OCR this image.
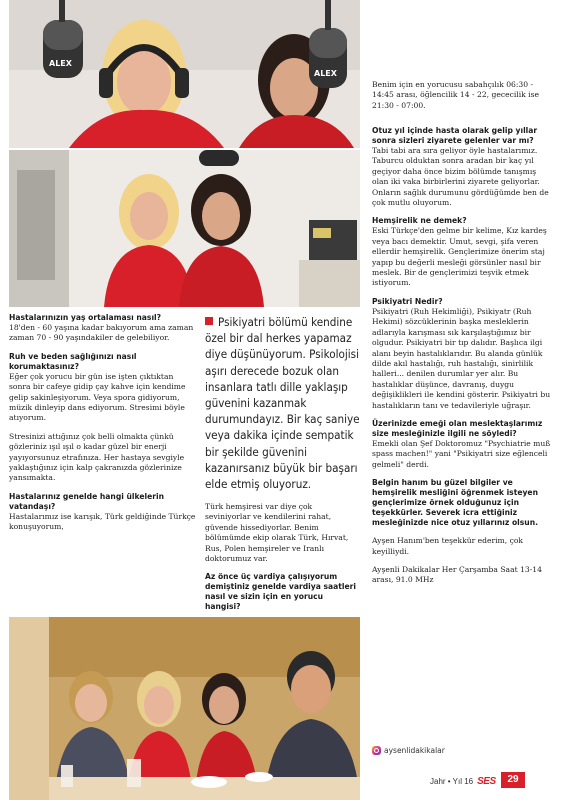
ALEX
ALEX
Benim için en yorucusu sabahçılık 06:30 - 14:45 arası, öğlencilik 14 - 22, gececilik ise 21:30 - 07:00.

Hastalarınızın yaş ortalaması nasıl?
18'den - 60 yaşına kadar bakıyorum ama zaman zaman 70 - 90 yaşındakiler de gelebiliyor.

Ruh ve beden sağlığınızı nasıl korumaktasınız?
Eğer çok yorucu bir gün ise işten çıktıktan sonra bir cafeye gidip çay kahve için kendime gelip sakinleşiyorum. Veya spora gidiyorum, müzik dinleyip dans ediyorum. Stresimi böyle atıyorum.

Stresinizi attığınız çok belli olmakta çünkü gözleriniz ışıl ışıl o kadar güzel bir enerji yayıyorsunuz etrafınıza. Her hastaya sevgiyle yaklaştığınız için kalp çakranızda gözlerinize yansımakta.

Hastalarınız genelde hangi ülkelerin vatandaşı?
Hastalarımız ise karışık, Türk geldiğinde Türkçe konuşuyorum,

Psikiyatri bölümü kendine özel bir dal herkes yapamaz diye düşünüyorum. Psikolojisi aşırı derecede bozuk olan insanlara tatlı dille yaklaşıp güvenini kazanmak durumundayız. Bir kaç saniye veya dakika içinde sempatik bir şekilde güvenini kazanırsanız büyük bir başarı elde etmiş oluyoruz.

Türk hemşiresi var diye çok seviniyorlar ve kendilerini rahat, güvende hissediyorlar. Benim bölümümde ekip olarak Türk, Hırvat, Rus, Polen hemşireler ve Iranlı doktorumuz var.

Az önce üç vardiya çalışıyorum demiştiniz genelde vardiya saatleri nasıl ve sizin için en yorucu hangisi?

Otuz yıl içinde hasta olarak gelip yıllar sonra sizleri ziyarete gelenler var mı?
Tabi tabi ara sıra geliyor öyle hastalarımız. Taburcu olduktan sonra aradan bir kaç yıl geçiyor daha önce bizim bölümde tanışmış olan iki vaka birbirlerini ziyarete geliyorlar. Onların sağlık durumunu gördüğümde ben de çok mutlu oluyorum.

Hemşirelik ne demek?
Eski Türkçe'den gelme bir kelime, Kız kardeş veya bacı demektir. Umut, sevgi, şifa veren ellerdir hemşirelik. Gençlerimize önerim staj yapıp bu değerli mesleği görsünler nasıl bir meslek. Bir de gençlerimizi teşvik etmek istiyorum.

Psikiyatri Nedir?
Psikiyatri (Ruh Hekimliği), Psikiyatr (Ruh Hekimi) sözcüklerinin başka mesleklerin adlarıyla karışması sık karşılaştığımız bir olgudur. Psikiyatri bir tıp dalıdır. Başlıca ilgi alanı beyin hastalıklarıdır. Bu alanda günlük dilde akıl hastalığı, ruh hastalığı, sinirlilik halleri... denilen durumlar yer alır. Bu hastalıklar düşünce, davranış, duygu değişiklikleri ile kendini gösterir. Psikiyatri bu hastalıkların tanı ve tedavileriyle uğraşır.

Üzerinizde emeği olan meslektaşlarımız size mesleğinizle ilgili ne söyledi?
Emekli olan Şef Doktoromuz "Psychiatrie muß spass machen!" yani "Psikiyatri size eğlenceli gelmeli" derdi.

Belgin hanım bu güzel bilgiler ve hemşirelik mesliğini öğrenmek isteyen gençlerimize örnek olduğunuz için teşekkürler. Severek icra ettiğiniz mesleğinizde nice otuz yıllarınız olsun.

Ayşen Hanım'ben teşekkür ederim, çok keyilliydi.

Ayşenli Dakikalar Her Çarşamba Saat 13-14 arası, 91.0 MHz

aysenlidakikalar
Jahr • Yıl 16 SES	29
